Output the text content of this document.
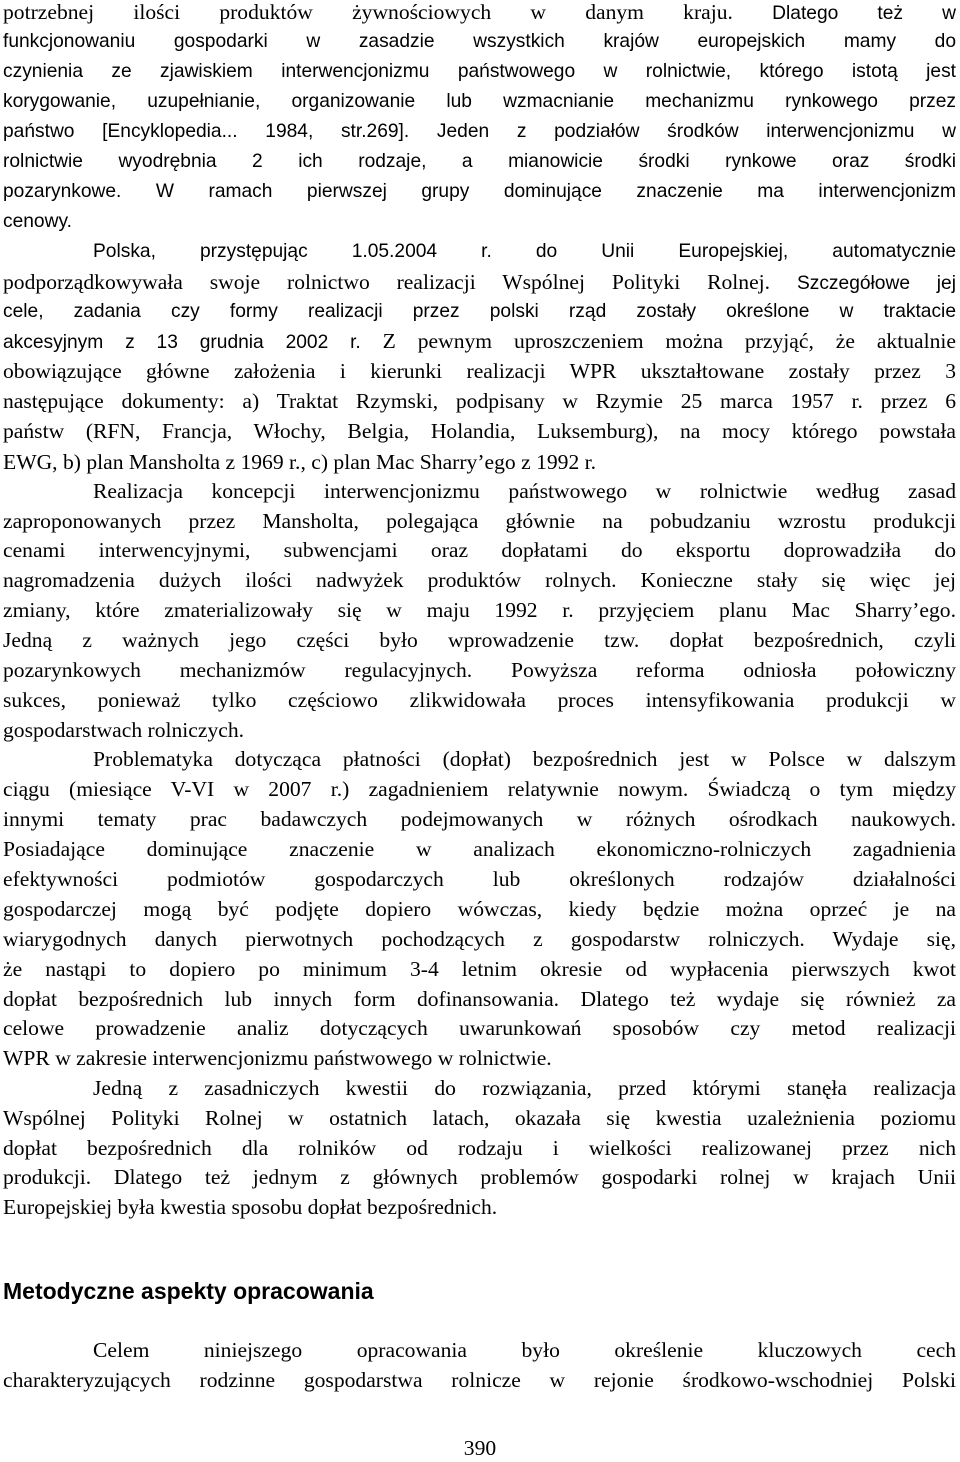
potrzebnej ilości produktów żywnościowych w danym kraju. Dlatego też w
funkcjonowaniu gospodarki w zasadzie wszystkich krajów europejskich mamy do
czynienia ze zjawiskiem interwencjonizmu państwowego w rolnictwie, którego istotą jest
korygowanie, uzupełnianie, organizowanie lub wzmacnianie mechanizmu rynkowego przez
państwo [Encyklopedia... 1984, str.269]. Jeden z podziałów środków interwencjonizmu w
rolnictwie wyodrębnia 2 ich rodzaje, a mianowicie środki rynkowe oraz środki
pozarynkowe. W ramach pierwszej grupy dominujące znaczenie ma interwencjonizm
cenowy.
Polska, przystępując 1.05.2004 r. do Unii Europejskiej, automatycznie
podporządkowywała swoje rolnictwo realizacji Wspólnej Polityki Rolnej. Szczegółowe jej
cele, zadania czy formy realizacji przez polski rząd zostały określone w traktacie
akcesyjnym z 13 grudnia 2002 r. Z pewnym uproszczeniem można przyjąć, że aktualnie
obowiązujące główne założenia i kierunki realizacji WPR ukształtowane zostały przez 3
następujące dokumenty: a) Traktat Rzymski, podpisany w Rzymie 25 marca 1957 r. przez 6
państw (RFN, Francja, Włochy, Belgia, Holandia, Luksemburg), na mocy którego powstała
EWG, b) plan Mansholta z 1969 r., c) plan Mac Sharry’ego z 1992 r.
Realizacja koncepcji interwencjonizmu państwowego w rolnictwie według zasad
zaproponowanych przez Mansholta, polegająca głównie na pobudzaniu wzrostu produkcji
cenami interwencyjnymi, subwencjami oraz dopłatami do eksportu doprowadziła do
nagromadzenia dużych ilości nadwyżek produktów rolnych. Konieczne stały się więc jej
zmiany, które zmaterializowały się w maju 1992 r. przyjęciem planu Mac Sharry’ego.
Jedną z ważnych jego części było wprowadzenie tzw. dopłat bezpośrednich, czyli
pozarynkowych mechanizmów regulacyjnych. Powyższa reforma odniosła połowiczny
sukces, ponieważ tylko częściowo zlikwidowała proces intensyfikowania produkcji w
gospodarstwach rolniczych.
Problematyka dotycząca płatności (dopłat) bezpośrednich jest w Polsce w dalszym
ciągu (miesiące V-VI w 2007 r.) zagadnieniem relatywnie nowym. Świadczą o tym między
innymi tematy prac badawczych podejmowanych w różnych ośrodkach naukowych.
Posiadające dominujące znaczenie w analizach ekonomiczno-rolniczych zagadnienia
efektywności podmiotów gospodarczych lub określonych rodzajów działalności
gospodarczej mogą być podjęte dopiero wówczas, kiedy będzie można oprzeć je na
wiarygodnych danych pierwotnych pochodzących z gospodarstw rolniczych. Wydaje się,
że nastąpi to dopiero po minimum 3-4 letnim okresie od wypłacenia pierwszych kwot
dopłat bezpośrednich lub innych form dofinansowania. Dlatego też wydaje się również za
celowe prowadzenie analiz dotyczących uwarunkowań sposobów czy metod realizacji
WPR w zakresie interwencjonizmu państwowego w rolnictwie.
Jedną z zasadniczych kwestii do rozwiązania, przed którymi stanęła realizacja
Wspólnej Polityki Rolnej w ostatnich latach, okazała się kwestia uzależnienia poziomu
dopłat bezpośrednich dla rolników od rodzaju i wielkości realizowanej przez nich
produkcji. Dlatego też jednym z głównych problemów gospodarki rolnej w krajach Unii
Europejskiej była kwestia sposobu dopłat bezpośrednich.
Metodyczne aspekty opracowania
Celem niniejszego opracowania było określenie kluczowych cech
charakteryzujących rodzinne gospodarstwa rolnicze w rejonie środkowo-wschodniej Polski
390
